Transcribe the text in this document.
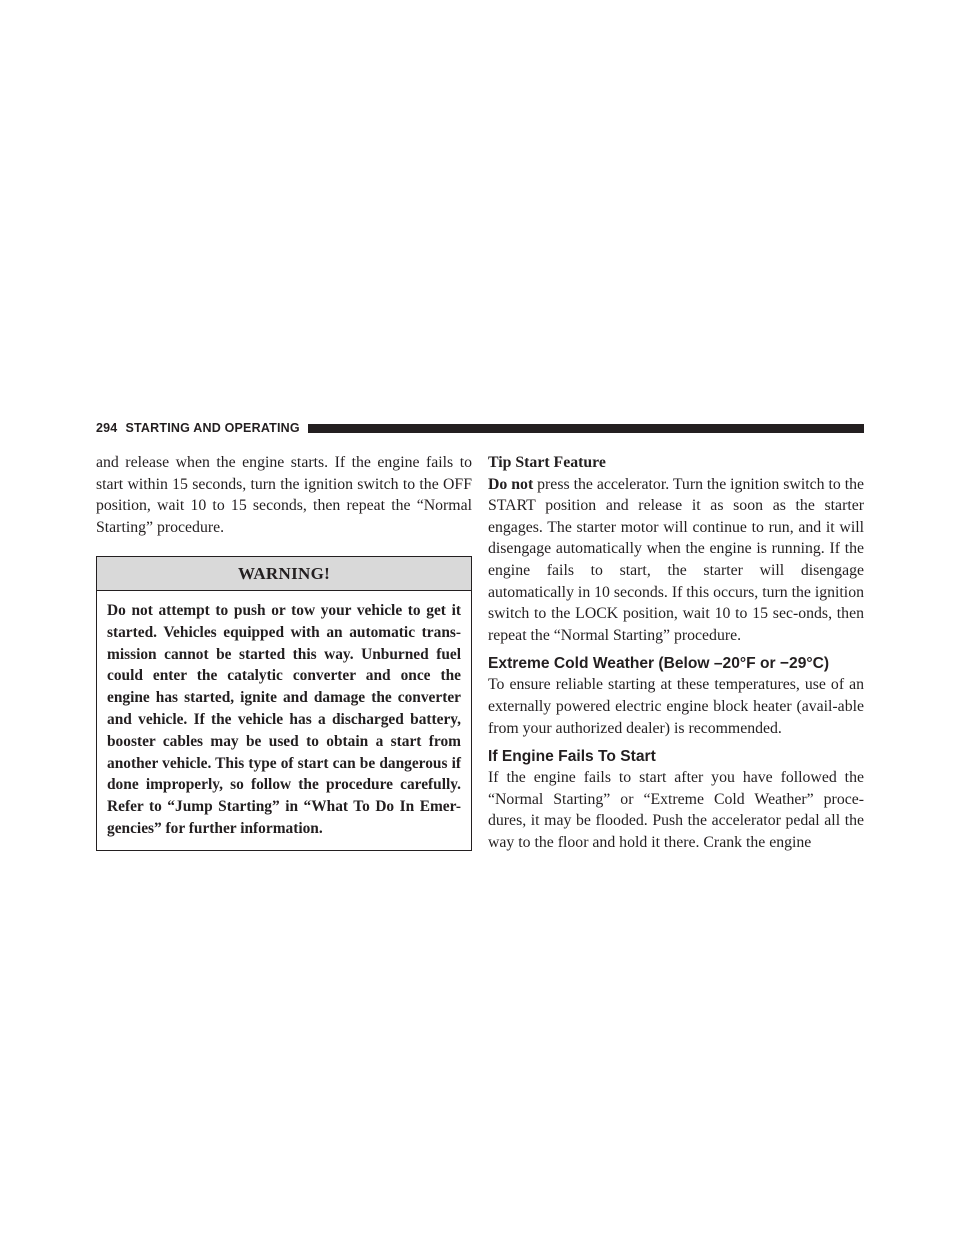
294 STARTING AND OPERATING

and release when the engine starts. If the engine fails to start within 15 seconds, turn the ignition switch to the OFF position, wait 10 to 15 seconds, then repeat the “Normal Starting” procedure.

WARNING!
Do not attempt to push or tow your vehicle to get it started. Vehicles equipped with an automatic trans-mission cannot be started this way. Unburned fuel could enter the catalytic converter and once the engine has started, ignite and damage the converter and vehicle. If the vehicle has a discharged battery, booster cables may be used to obtain a start from another vehicle. This type of start can be dangerous if done improperly, so follow the procedure carefully. Refer to “Jump Starting” in “What To Do In Emer-gencies” for further information.

Tip Start Feature

Do not press the accelerator. Turn the ignition switch to the START position and release it as soon as the starter engages. The starter motor will continue to run, and it will disengage automatically when the engine is running. If the engine fails to start, the starter will disengage automatically in 10 seconds. If this occurs, turn the ignition switch to the LOCK position, wait 10 to 15 sec-onds, then repeat the “Normal Starting” procedure.

Extreme Cold Weather (Below –20°F or −29°C)

To ensure reliable starting at these temperatures, use of an externally powered electric engine block heater (avail-able from your authorized dealer) is recommended.

If Engine Fails To Start

If the engine fails to start after you have followed the “Normal Starting” or “Extreme Cold Weather” proce-dures, it may be flooded. Push the accelerator pedal all the way to the floor and hold it there. Crank the engine
